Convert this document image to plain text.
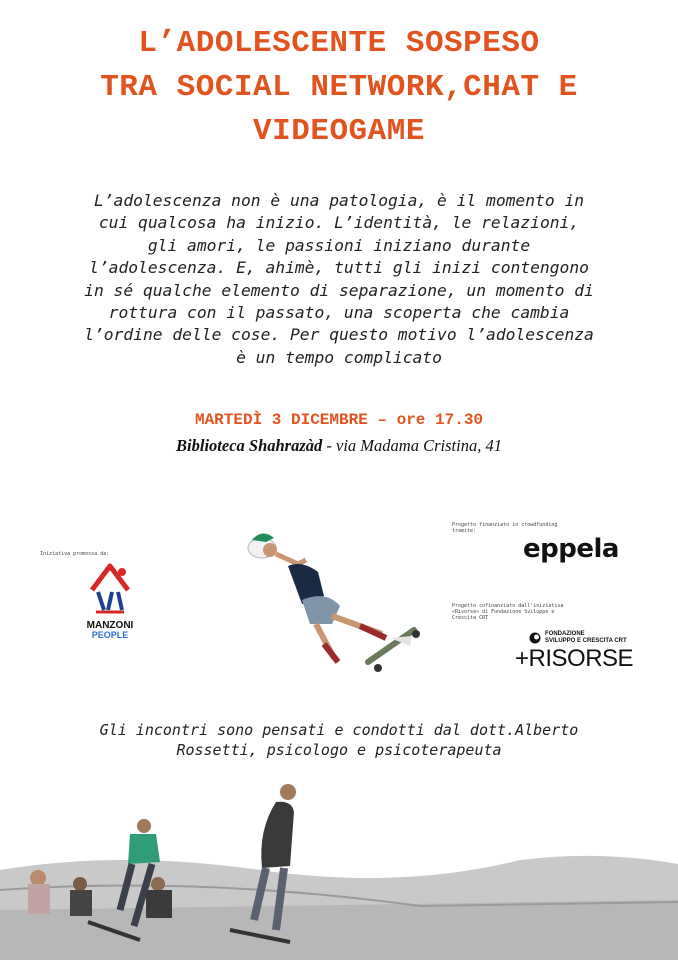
L’ADOLESCENTE SOSPESO
TRA SOCIAL NETWORK,CHAT E
VIDEOGAME
L’adolescenza non è una patologia, è il momento in
cui qualcosa ha inizio. L’identità, le relazioni,
gli amori, le passioni iniziano durante
l’adolescenza. E, ahimè, tutti gli inizi contengono
in sé qualche elemento di separazione, un momento di
rottura con il passato, una scoperta che cambia
l’ordine delle cose. Per questo motivo l’adolescenza
è un tempo complicato
MARTEDÌ 3 DICEMBRE – ore 17.30
Biblioteca Shahrazàd - via Madama Cristina, 41
Iniziativa promossa da:
MANZONI
PEOPLE
Progetto finanziato in crowdfunding
tramite:
eppela
Progetto cofinanziato dall'iniziativa
«Risorse» di Fondazione Sviluppo e
Crescita CRT
FONDAZIONE
SVILUPPO E CRESCITA CRT
+RISORSE
Gli incontri sono pensati e condotti dal dott.Alberto
Rossetti, psicologo e psicoterapeuta
